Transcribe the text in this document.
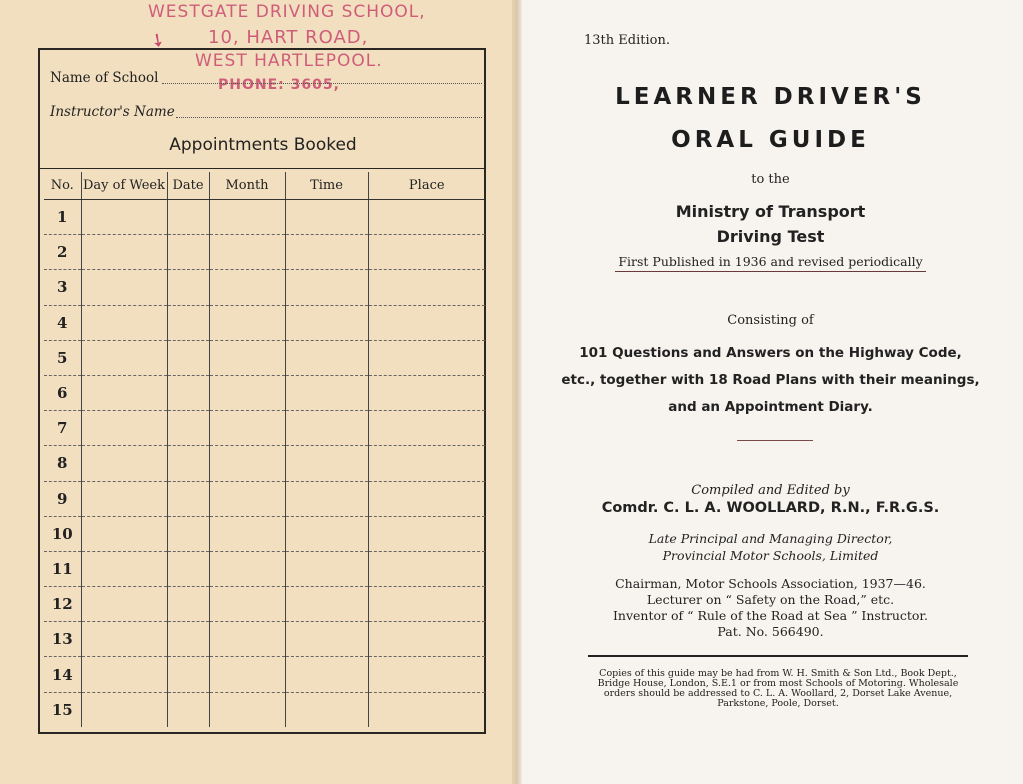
WESTGATE DRIVING SCHOOL,
➘ 10, HART ROAD,
WEST HARTLEPOOL.
PHONE: 3605,
Name of School
Instructor's Name
Appointments Booked
No.	Day of Week	Date	Month	Time	Place
1					
2					
3					
4					
5					
6					
7					
8					
9					
10					
11					
12					
13					
14					
15					
13th Edition.
LEARNER DRIVER'S
ORAL GUIDE
to the
Ministry of Transport
Driving Test
First Published in 1936 and revised periodically
Consisting of
101 Questions and Answers on the Highway Code,
etc., together with 18 Road Plans with their meanings,
and an Appointment Diary.
Compiled and Edited by
Comdr. C. L. A. WOOLLARD, R.N., F.R.G.S.
Late Principal and Managing Director,
Provincial Motor Schools, Limited
Chairman, Motor Schools Association, 1937—46.
Lecturer on “ Safety on the Road,” etc.
Inventor of “ Rule of the Road at Sea ” Instructor.
Pat. No. 566490.
Copies of this guide may be had from W. H. Smith & Son Ltd., Book Dept., Bridge House, London, S.E.1 or from most Schools of Motoring. Wholesale orders should be addressed to C. L. A. Woollard, 2, Dorset Lake Avenue, Parkstone, Poole, Dorset.
